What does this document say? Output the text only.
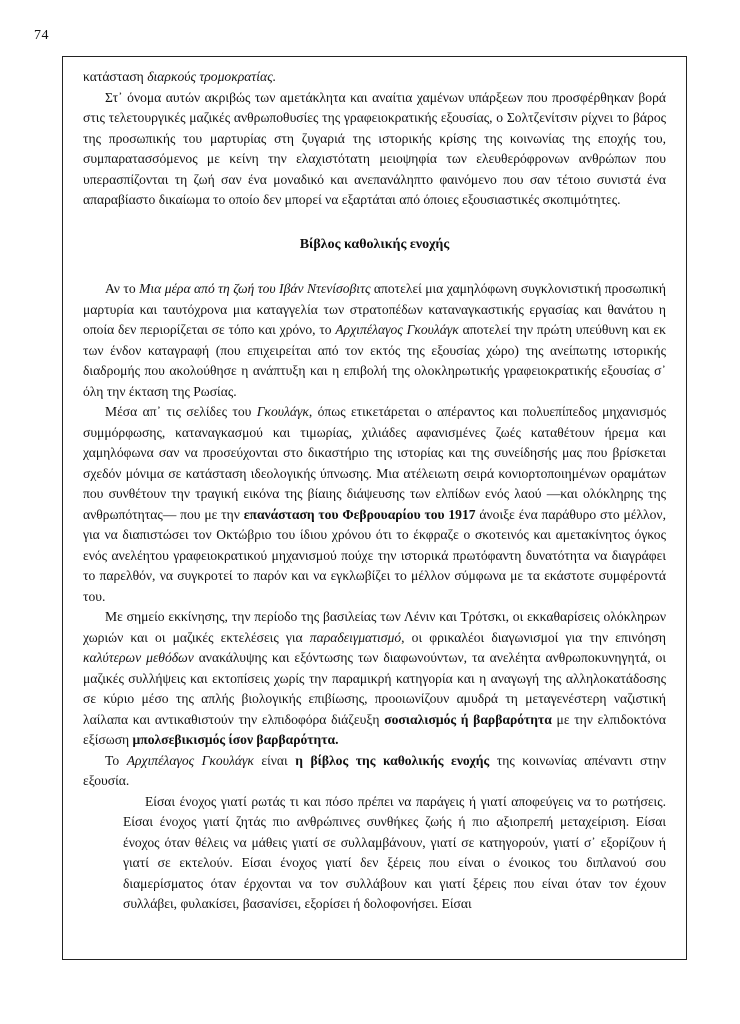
74

κατάσταση διαρκούς τρομοκρατίας.

Στ᾽ όνομα αυτών ακριβώς των αμετάκλητα και αναίτια χαμένων υπάρξεων που προσφέρθηκαν βορά στις τελετουργικές μαζικές ανθρωποθυσίες της γραφειοκρατικής εξουσίας, ο Σολτζενίτσιν ρίχνει το βάρος της προσωπικής του μαρτυρίας στη ζυγαριά της ιστορικής κρίσης της κοινωνίας της εποχής του, συμπαρατασσόμενος με κείνη την ελαχιστότατη μειοψηφία των ελευθερόφρονων ανθρώπων που υπερασπίζονται τη ζωή σαν ένα μοναδικό και ανεπανάληπτο φαινόμενο που σαν τέτοιο συνιστά ένα απαραβίαστο δικαίωμα το οποίο δεν μπορεί να εξαρτάται από όποιες εξουσιαστικές σκοπιμότητες.

Βίβλος καθολικής ενοχής

Αν το Μια μέρα από τη ζωή του Ιβάν Ντενίσοβιτς αποτελεί μια χαμηλόφωνη συγκλονιστική προσωπική μαρτυρία και ταυτόχρονα μια καταγγελία των στρατοπέδων καταναγκαστικής εργασίας και θανάτου η οποία δεν περιορίζεται σε τόπο και χρόνο, το Αρχιπέλαγος Γκουλάγκ αποτελεί την πρώτη υπεύθυνη και εκ των ένδον καταγραφή (που επιχειρείται από τον εκτός της εξουσίας χώρο) της ανείπωτης ιστορικής διαδρομής που ακολούθησε η ανάπτυξη και η επιβολή της ολοκληρωτικής γραφειοκρατικής εξουσίας σ᾽ όλη την έκταση της Ρωσίας.

Μέσα απ᾽ τις σελίδες του Γκουλάγκ, όπως ετικετάρεται ο απέραντος και πολυεπίπεδος μηχανισμός συμμόρφωσης, καταναγκασμού και τιμωρίας, χιλιάδες αφανισμένες ζωές καταθέτουν ήρεμα και χαμηλόφωνα σαν να προσεύχονται στο δικαστήριο της ιστορίας και της συνείδησής μας που βρίσκεται σχεδόν μόνιμα σε κατάσταση ιδεολογικής ύπνωσης. Μια ατέλειωτη σειρά κονιορτοποιημένων οραμάτων που συνθέτουν την τραγική εικόνα της βίαιης διάψευσης των ελπίδων ενός λαού —και ολόκληρης της ανθρωπότητας— που με την επανάσταση του Φεβρουαρίου του 1917 άνοιξε ένα παράθυρο στο μέλλον, για να διαπιστώσει τον Οκτώβριο του ίδιου χρόνου ότι το έκφραζε ο σκοτεινός και αμετακίνητος όγκος ενός ανελέητου γραφειοκρατικού μηχανισμού πούχε την ιστορικά πρωτόφαντη δυνατότητα να διαγράφει το παρελθόν, να συγκροτεί το παρόν και να εγκλωβίζει το μέλλον σύμφωνα με τα εκάστοτε συμφέροντά του.

Με σημείο εκκίνησης, την περίοδο της βασιλείας των Λένιν και Τρότσκι, οι εκκαθαρίσεις ολόκληρων χωριών και οι μαζικές εκτελέσεις για παραδειγματισμό, οι φρικαλέοι διαγωνισμοί για την επινόηση καλύτερων μεθόδων ανακάλυψης και εξόντωσης των διαφωνούντων, τα ανελέητα ανθρωποκυνηγητά, οι μαζικές συλλήψεις και εκτοπίσεις χωρίς την παραμικρή κατηγορία και η αναγωγή της αλληλοκατάδοσης σε κύριο μέσο της απλής βιολογικής επιβίωσης, προοιωνίζουν αμυδρά τη μεταγενέστερη ναζιστική λαίλαπα και αντικαθιστούν την ελπιδοφόρα διάζευξη σοσιαλισμός ή βαρβαρότητα με την ελπιδοκτόνα εξίσωση μπολσεβικισμός ίσον βαρβαρότητα.

Το Αρχιπέλαγος Γκουλάγκ είναι η βίβλος της καθολικής ενοχής της κοινωνίας απέναντι στην εξουσία.

Είσαι ένοχος γιατί ρωτάς τι και πόσο πρέπει να παράγεις ή γιατί αποφεύγεις να το ρωτήσεις. Είσαι ένοχος γιατί ζητάς πιο ανθρώπινες συνθήκες ζωής ή πιο αξιοπρεπή μεταχείριση. Είσαι ένοχος όταν θέλεις να μάθεις γιατί σε συλλαμβάνουν, γιατί σε κατηγορούν, γιατί σ᾽ εξορίζουν ή γιατί σε εκτελούν. Είσαι ένοχος γιατί δεν ξέρεις που είναι ο ένοικος του διπλανού σου διαμερίσματος όταν έρχονται να τον συλλάβουν και γιατί ξέρεις που είναι όταν τον έχουν συλλάβει, φυλακίσει, βασανίσει, εξορίσει ή δολοφονήσει. Είσαι
